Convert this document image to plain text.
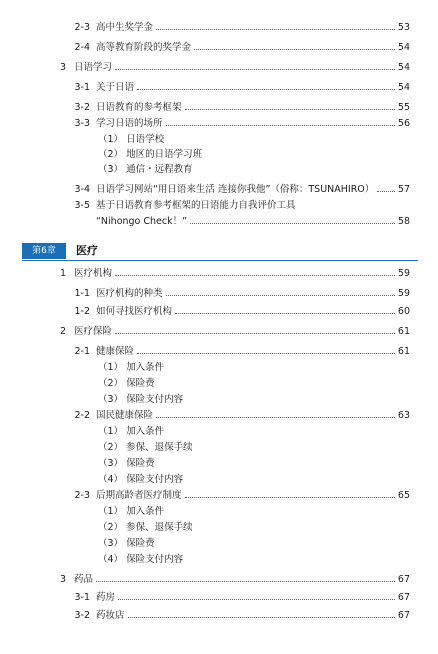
2-3 高中生奖学金	53
2-4 高等教育阶段的奖学金	54
3 日语学习	54
3-1 关于日语	54
3-2 日语教育的参考框架	55
3-3 学习日语的场所	56
（1） 日语学校
（2） 地区的日语学习班
（3） 通信・远程教育
3-4 日语学习网站“用日语来生活 连接你我他”（俗称：TSUNAHIRO） 57
3-5 基于日语教育参考框架的日语能力自我评价工具
“Nihongo Check！”	58
第6章	医疗
1 医疗机构	59
1-1 医疗机构的种类	59
1-2 如何寻找医疗机构	60
2 医疗保险	61
2-1 健康保险	61
（1） 加入条件
（2） 保险费
（3） 保险支付内容
2-2 国民健康保险	63
（1） 加入条件
（2） 参保、退保手续
（3） 保险费
（4） 保险支付内容
2-3 后期高龄者医疗制度	65
（1） 加入条件
（2） 参保、退保手续
（3） 保险费
（4） 保险支付内容
3 药品	67
3-1 药房	67
3-2 药妆店	67
